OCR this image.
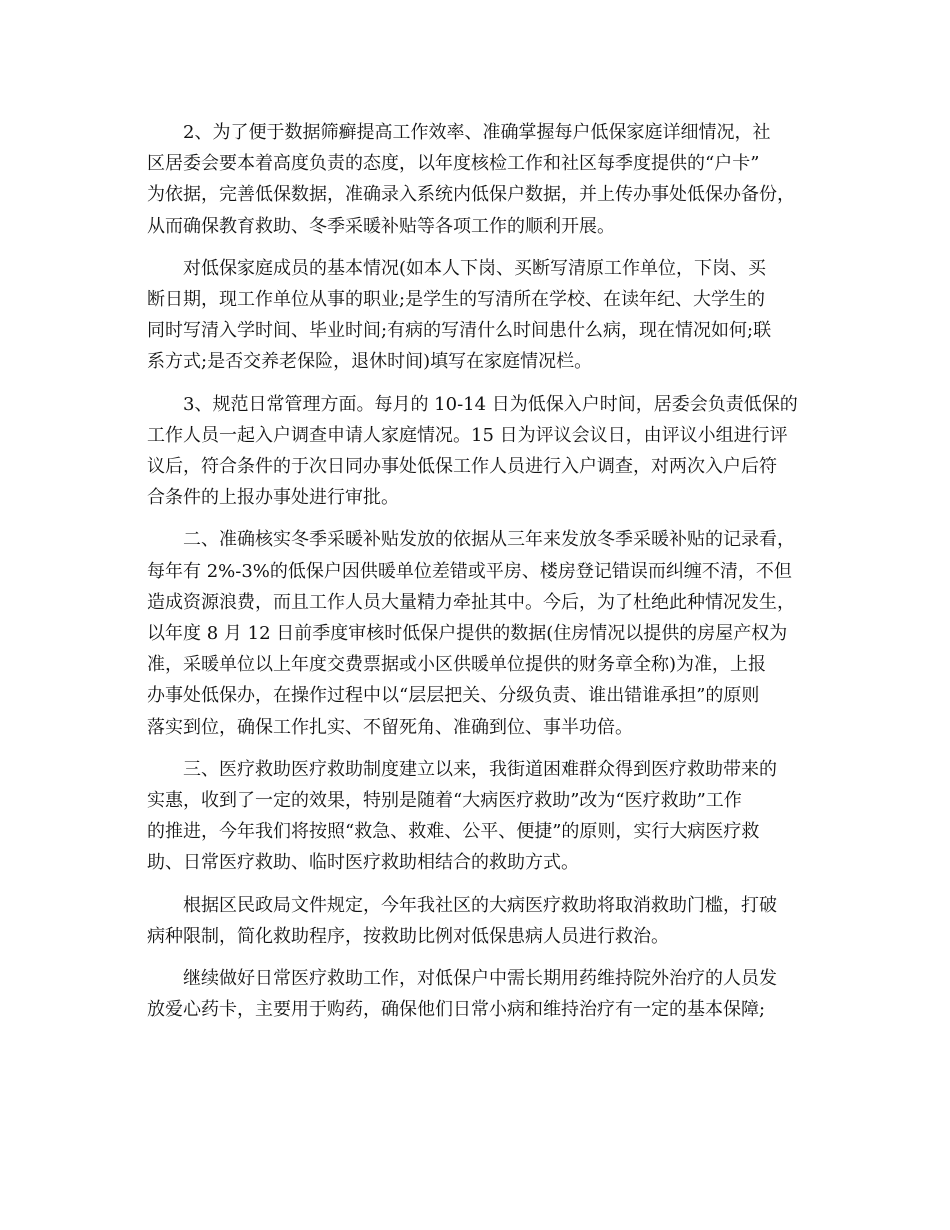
2、为了便于数据筛癣提高工作效率、准确掌握每户低保家庭详细情况，社
区居委会要本着高度负责的态度，以年度核检工作和社区每季度提供的“户卡”
为依据，完善低保数据，准确录入系统内低保户数据，并上传办事处低保办备份，
从而确保教育救助、冬季采暖补贴等各项工作的顺利开展。
对低保家庭成员的基本情况(如本人下岗、买断写清原工作单位，下岗、买
断日期，现工作单位从事的职业;是学生的写清所在学校、在读年纪、大学生的
同时写清入学时间、毕业时间;有病的写清什么时间患什么病，现在情况如何;联
系方式;是否交养老保险，退休时间)填写在家庭情况栏。
3、规范日常管理方面。每月的 10-14 日为低保入户时间，居委会负责低保的
工作人员一起入户调查申请人家庭情况。15 日为评议会议日，由评议小组进行评
议后，符合条件的于次日同办事处低保工作人员进行入户调查，对两次入户后符
合条件的上报办事处进行审批。
二、准确核实冬季采暖补贴发放的依据从三年来发放冬季采暖补贴的记录看，
每年有 2%-3%的低保户因供暖单位差错或平房、楼房登记错误而纠缠不清，不但
造成资源浪费，而且工作人员大量精力牵扯其中。今后，为了杜绝此种情况发生，
以年度 8 月 12 日前季度审核时低保户提供的数据(住房情况以提供的房屋产权为
准，采暖单位以上年度交费票据或小区供暖单位提供的财务章全称)为准，上报
办事处低保办，在操作过程中以“层层把关、分级负责、谁出错谁承担”的原则
落实到位，确保工作扎实、不留死角、准确到位、事半功倍。
三、医疗救助医疗救助制度建立以来，我街道困难群众得到医疗救助带来的
实惠，收到了一定的效果，特别是随着“大病医疗救助”改为“医疗救助”工作
的推进，今年我们将按照“救急、救难、公平、便捷”的原则，实行大病医疗救
助、日常医疗救助、临时医疗救助相结合的救助方式。
根据区民政局文件规定，今年我社区的大病医疗救助将取消救助门槛，打破
病种限制，简化救助程序，按救助比例对低保患病人员进行救治。
继续做好日常医疗救助工作，对低保户中需长期用药维持院外治疗的人员发
放爱心药卡，主要用于购药，确保他们日常小病和维持治疗有一定的基本保障;
